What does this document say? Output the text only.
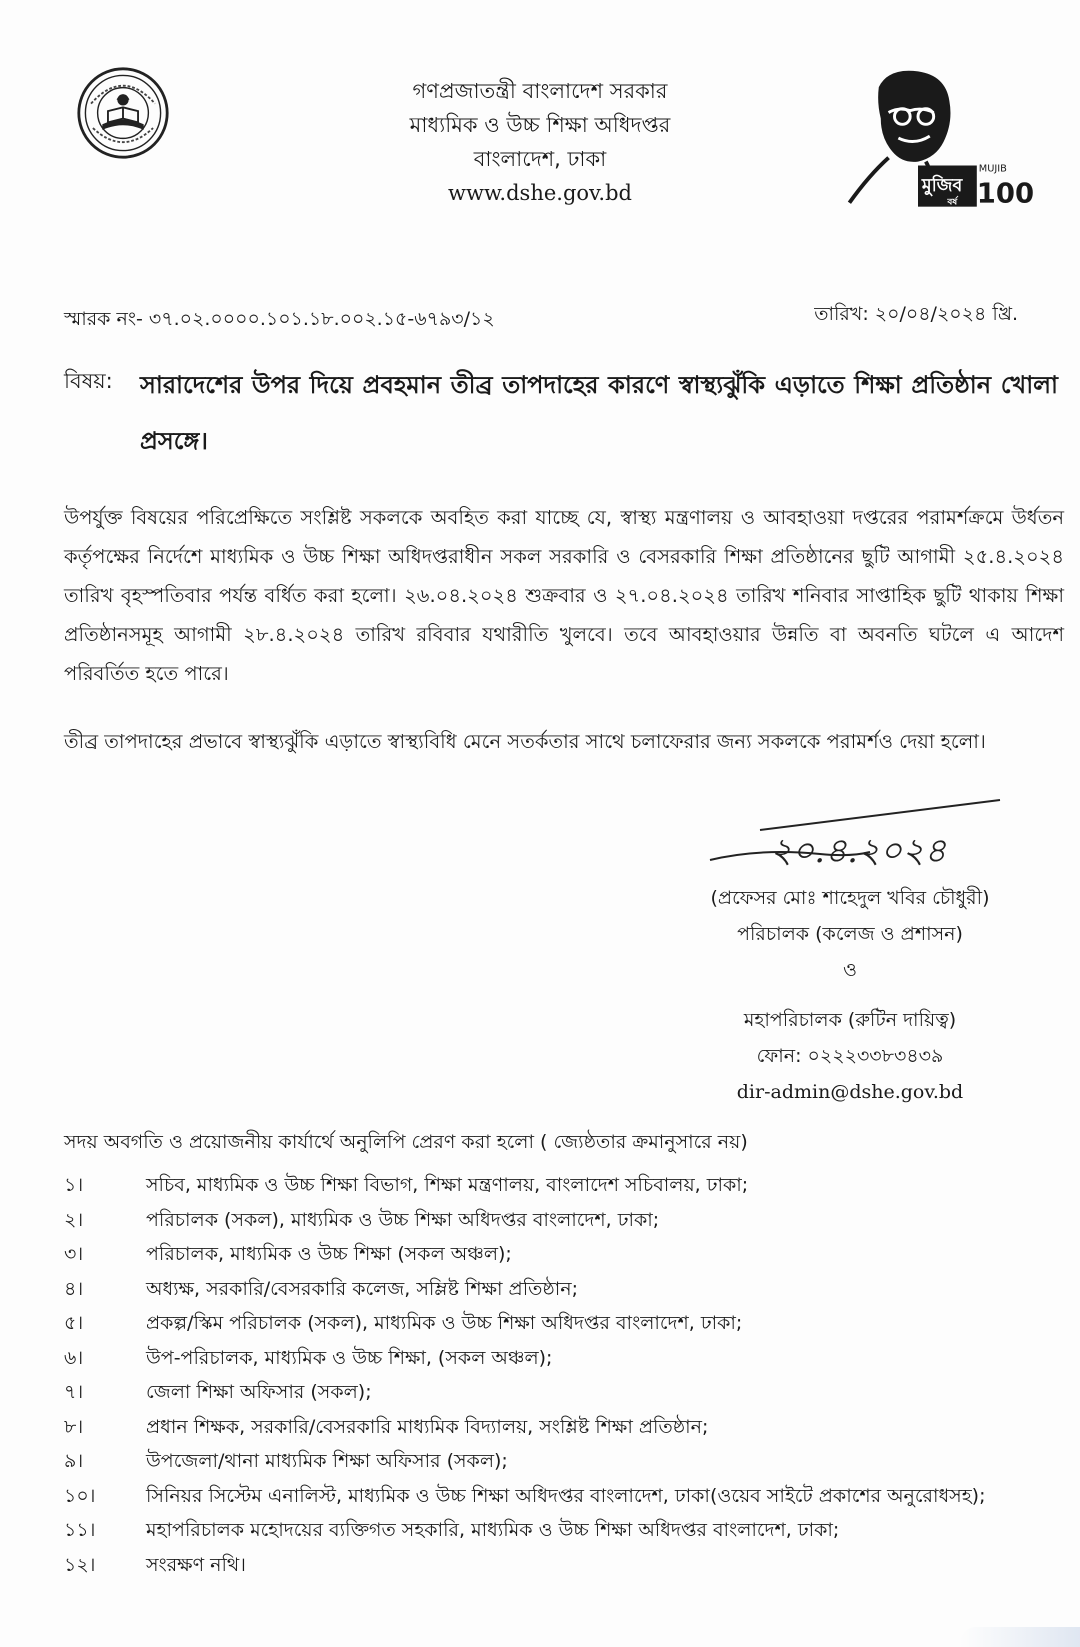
গণপ্রজাতন্ত্রী বাংলাদেশ সরকার
মাধ্যমিক ও উচ্চ শিক্ষা অধিদপ্তর
বাংলাদেশ, ঢাকা
www.dshe.gov.bd	মুজিব
বর্ষ
MUJIB
100
স্মারক নং- ৩৭.০২.০০০০.১০১.১৮.০০২.১৫-৬৭৯৩/১২	তারিখ: ২০/০৪/২০২৪ খ্রি.
বিষয়: সারাদেশের উপর দিয়ে প্রবহমান তীব্র তাপদাহের কারণে স্বাস্থ্যঝুঁকি এড়াতে শিক্ষা প্রতিষ্ঠান খোলা প্রসঙ্গে।
উপর্যুক্ত বিষয়ের পরিপ্রেক্ষিতে সংশ্লিষ্ট সকলকে অবহিত করা যাচ্ছে যে, স্বাস্থ্য মন্ত্রণালয় ও আবহাওয়া দপ্তরের পরামর্শক্রমে উর্ধতন কর্তৃপক্ষের নির্দেশে মাধ্যমিক ও উচ্চ শিক্ষা অধিদপ্তরাধীন সকল সরকারি ও বেসরকারি শিক্ষা প্রতিষ্ঠানের ছুটি আগামী ২৫.৪.২০২৪ তারিখ বৃহস্পতিবার পর্যন্ত বর্ধিত করা হলো। ২৬.০৪.২০২৪ শুক্রবার ও ২৭.০৪.২০২৪ তারিখ শনিবার সাপ্তাহিক ছুটি থাকায় শিক্ষা প্রতিষ্ঠানসমূহ আগামী ২৮.৪.২০২৪ তারিখ রবিবার যথারীতি খুলবে। তবে আবহাওয়ার উন্নতি বা অবনতি ঘটলে এ আদেশ পরিবর্তিত হতে পারে।
তীব্র তাপদাহের প্রভাবে স্বাস্থ্যঝুঁকি এড়াতে স্বাস্থ্যবিধি মেনে সতর্কতার সাথে চলাফেরার জন্য সকলকে পরামর্শও দেয়া হলো।
২০.৪.২০২৪
(প্রফেসর মোঃ শাহেদুল খবির চৌধুরী)
পরিচালক (কলেজ ও প্রশাসন)
ও
মহাপরিচালক (রুটিন দায়িত্ব)
ফোন: ০২২২৩৩৮৩৪৩৯
dir-admin@dshe.gov.bd
সদয় অবগতি ও প্রয়োজনীয় কার্যার্থে অনুলিপি প্রেরণ করা হলো ( জ্যেষ্ঠতার ক্রমানুসারে নয়)
১।	সচিব, মাধ্যমিক ও উচ্চ শিক্ষা বিভাগ, শিক্ষা মন্ত্রণালয়, বাংলাদেশ সচিবালয়, ঢাকা;
২।	পরিচালক (সকল), মাধ্যমিক ও উচ্চ শিক্ষা অধিদপ্তর বাংলাদেশ, ঢাকা;
৩।	পরিচালক, মাধ্যমিক ও উচ্চ শিক্ষা (সকল অঞ্চল);
৪।	অধ্যক্ষ, সরকারি/বেসরকারি কলেজ, সম্লিষ্ট শিক্ষা প্রতিষ্ঠান;
৫।	প্রকল্প/স্কিম পরিচালক (সকল), মাধ্যমিক ও উচ্চ শিক্ষা অধিদপ্তর বাংলাদেশ, ঢাকা;
৬।	উপ-পরিচালক, মাধ্যমিক ও উচ্চ শিক্ষা, (সকল অঞ্চল);
৭।	জেলা শিক্ষা অফিসার (সকল);
৮।	প্রধান শিক্ষক, সরকারি/বেসরকারি মাধ্যমিক বিদ্যালয়, সংশ্লিষ্ট শিক্ষা প্রতিষ্ঠান;
৯।	উপজেলা/থানা মাধ্যমিক শিক্ষা অফিসার (সকল);
১০।	সিনিয়র সিস্টেম এনালিস্ট, মাধ্যমিক ও উচ্চ শিক্ষা অধিদপ্তর বাংলাদেশ, ঢাকা(ওয়েব সাইটে প্রকাশের অনুরোধসহ);
১১।	মহাপরিচালক মহোদয়ের ব্যক্তিগত সহকারি, মাধ্যমিক ও উচ্চ শিক্ষা অধিদপ্তর বাংলাদেশ, ঢাকা;
১২।	সংরক্ষণ নথি।
